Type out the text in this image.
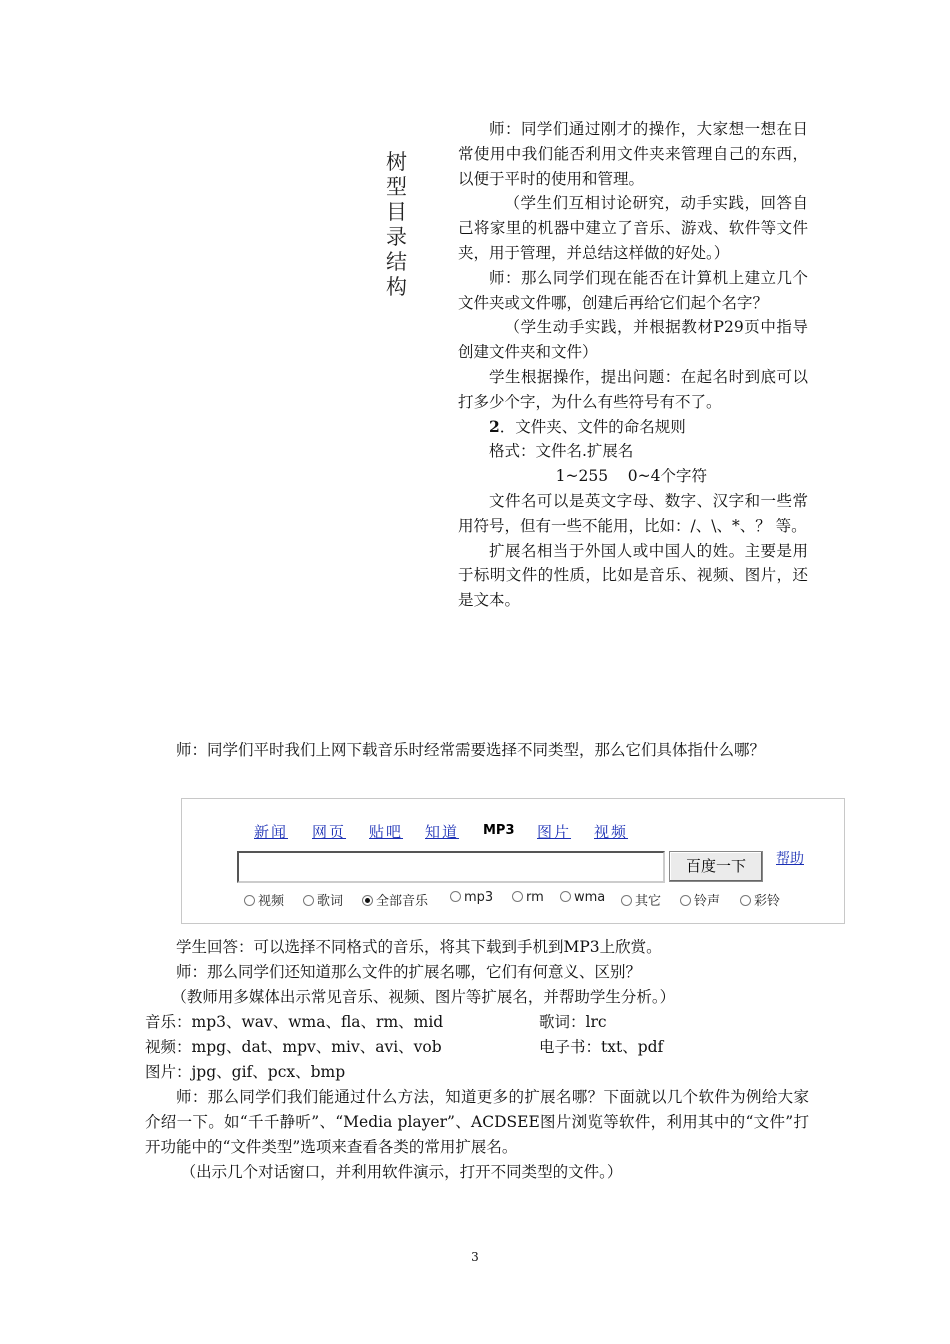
树型目录结构

师：同学们通过刚才的操作，大家想一想在日常使用中我们能否利用文件夹来管理自己的东西，以便于平时的使用和管理。

（学生们互相讨论研究，动手实践，回答自己将家里的机器中建立了音乐、游戏、软件等文件夹，用于管理，并总结这样做的好处。）

师：那么同学们现在能否在计算机上建立几个文件夹或文件哪，创建后再给它们起个名字？

（学生动手实践，并根据教材P29页中指导创建文件夹和文件）

学生根据操作，提出问题：在起名时到底可以打多少个字，为什么有些符号有不了。

2．文件夹、文件的命名规则

格式：文件名.扩展名

1~255    0~4个字符

文件名可以是英文字母、数字、汉字和一些常用符号，但有一些不能用，比如：/、\、*、？ 等。

扩展名相当于外国人或中国人的姓。主要是用于标明文件的性质，比如是音乐、视频、图片，还是文本。

师：同学们平时我们上网下载音乐时经常需要选择不同类型，那么它们具体指什么哪？

新闻 网页 贴吧 知道 MP3 图片 视频
百度一下	帮助
视频	歌词	全部音乐	mp3	rm	wma	其它	铃声	彩铃

学生回答：可以选择不同格式的音乐，将其下载到手机到MP3上欣赏。

师：那么同学们还知道那么文件的扩展名哪，它们有何意义、区别？

（教师用多媒体出示常见音乐、视频、图片等扩展名，并帮助学生分析。）

音乐：mp3、wav、wma、fla、rm、mid	歌词：lrc
视频：mpg、dat、mpv、miv、avi、vob	电子书：txt、pdf
图片：jpg、gif、pcx、bmp

师：那么同学们我们能通过什么方法，知道更多的扩展名哪？下面就以几个软件为例给大家介绍一下。如“千千静听”、“Media player”、ACDSEE图片浏览等软件，利用其中的“文件”打开功能中的“文件类型”选项来查看各类的常用扩展名。

（出示几个对话窗口，并利用软件演示，打开不同类型的文件。）

3
